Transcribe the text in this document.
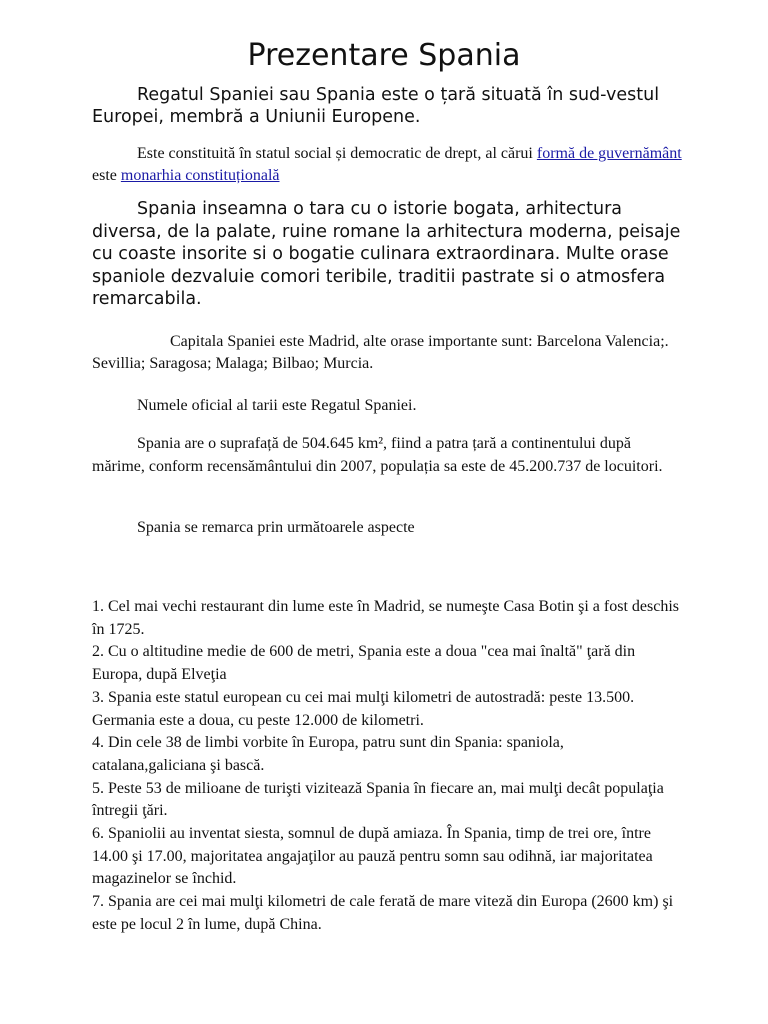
Prezentare Spania

Regatul Spaniei sau Spania este o țară situată în sud-vestul Europei, membră a Uniunii Europene.

Este constituită în statul social și democratic de drept, al cărui formă de guvernământ este monarhia constituțională

Spania inseamna o tara cu o istorie bogata, arhitectura diversa, de la palate, ruine romane la arhitectura moderna, peisaje cu coaste insorite si o bogatie culinara extraordinara. Multe orase spaniole dezvaluie comori teribile, traditii pastrate si o atmosfera remarcabila.

Capitala Spaniei este Madrid, alte orase importante sunt: Barcelona Valencia;. Sevillia; Saragosa; Malaga; Bilbao; Murcia.

Numele oficial al tarii este Regatul Spaniei.

Spania are o suprafață de 504.645 km², fiind a patra țară a continentului după mărime, conform recensământului din 2007, populația sa este de 45.200.737 de locuitori.

Spania se remarca prin următoarele aspecte

1. Cel mai vechi restaurant din lume este în Madrid, se numeşte Casa Botin şi a fost deschis în 1725.
2. Cu o altitudine medie de 600 de metri, Spania este a doua "cea mai înaltă" ţară din Europa, după Elveţia
3. Spania este statul european cu cei mai mulţi kilometri de autostradă: peste 13.500. Germania este a doua, cu peste 12.000 de kilometri.
4. Din cele 38 de limbi vorbite în Europa, patru sunt din Spania: spaniola, catalana,galiciana şi bască.
5. Peste 53 de milioane de turişti vizitează Spania în fiecare an, mai mulţi decât populaţia întregii ţări.
6. Spaniolii au inventat siesta, somnul de după amiaza. În Spania, timp de trei ore, între 14.00 şi 17.00, majoritatea angajaţilor au pauză pentru somn sau odihnă, iar majoritatea magazinelor se închid.
7. Spania are cei mai mulţi kilometri de cale ferată de mare viteză din Europa (2600 km) şi este pe locul 2 în lume, după China.
